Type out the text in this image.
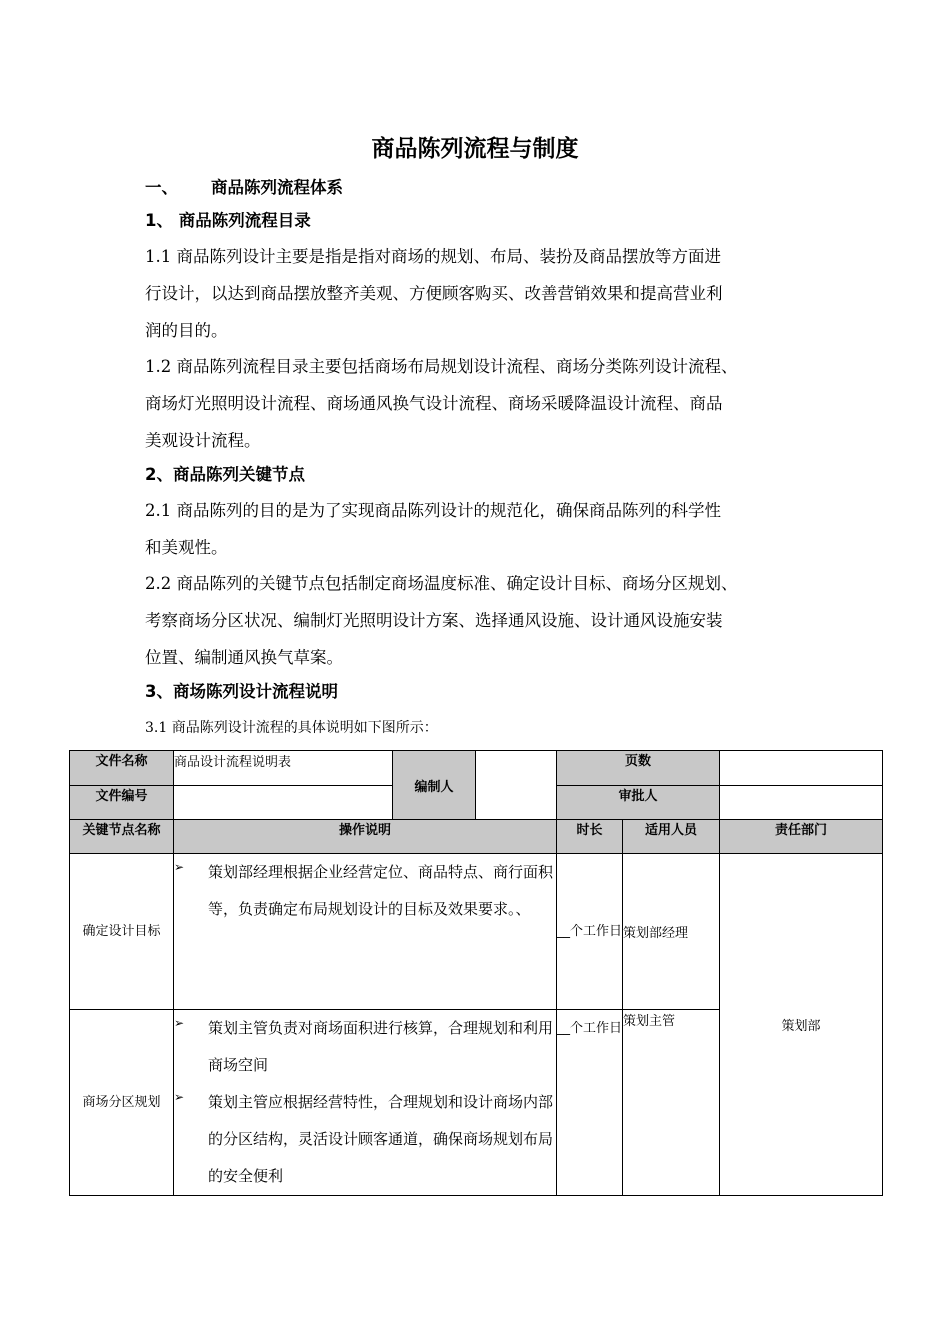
商品陈列流程与制度
一、 商品陈列流程体系
1、 商品陈列流程目录
1.1 商品陈列设计主要是指是指对商场的规划、布局、装扮及商品摆放等方面进
行设计，以达到商品摆放整齐美观、方便顾客购买、改善营销效果和提高营业利
润的目的。
1.2 商品陈列流程目录主要包括商场布局规划设计流程、商场分类陈列设计流程、
商场灯光照明设计流程、商场通风换气设计流程、商场采暖降温设计流程、商品
美观设计流程。
2、商品陈列关键节点
2.1 商品陈列的目的是为了实现商品陈列设计的规范化，确保商品陈列的科学性
和美观性。
2.2 商品陈列的关键节点包括制定商场温度标准、确定设计目标、商场分区规划、
考察商场分区状况、编制灯光照明设计方案、选择通风设施、设计通风设施安装
位置、编制通风换气草案。
3、商场陈列设计流程说明
3.1 商品陈列设计流程的具体说明如下图所示：
文件名称	商品设计流程说明表	编制人		页数		
文件编号				审批人		
关键节点名称	操作说明			时长	适用人员	责任部门
确定设计目标	➢ 策划部经理根据企业经营定位、商品特点、商行面积等，负责确定布局规划设计的目标及效果要求。、			__个工作日	策划部经理	策划部
商场分区规划	➢ 策划主管负责对商场面积进行核算，合理规划和利用商场空间
➢ 策划主管应根据经营特性，合理规划和设计商场内部的分区结构，灵活设计顾客通道，确保商场规划布局的安全便利			__个工作日	策划主管	
